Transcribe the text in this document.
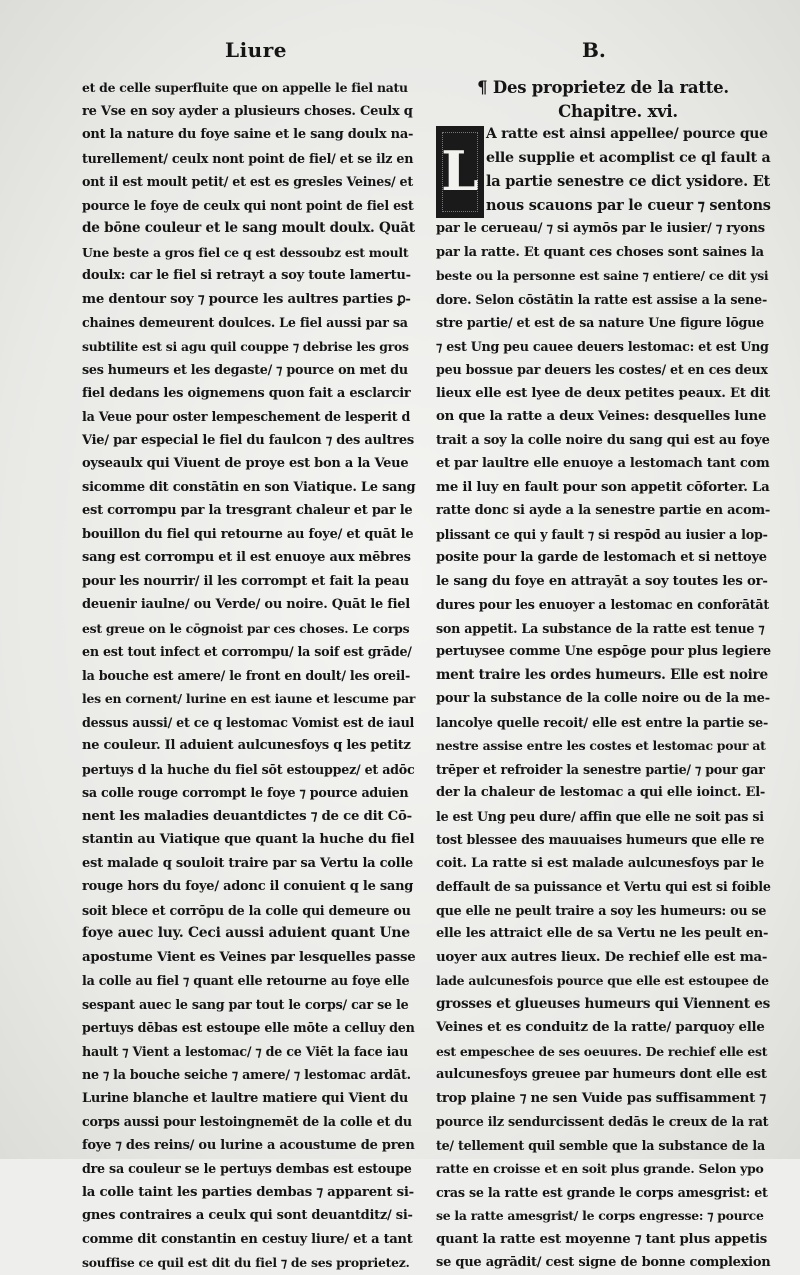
Liure	B.
et de celle superfluite que on appelle le fiel natu
re Vse en soy ayder a plusieurs choses. Ceulx q
ont la nature du foye saine et le sang doulx na-
turellement/ ceulx nont point de fiel/ et se ilz en
ont il est moult petit/ et est es gresles Veines/ et
pource le foye de ceulx qui nont point de fiel est
de bōne couleur et le sang moult doulx. Quāt
Une beste a gros fiel ce q est dessoubz est moult
doulx: car le fiel si retrayt a soy toute lamertu-
me dentour soy ⁊ pource les aultres parties ꝑ-
chaines demeurent doulces. Le fiel aussi par sa
subtilite est si agu quil couppe ⁊ debrise les gros
ses humeurs et les degaste/ ⁊ pource on met du
fiel dedans les oignemens quon fait a esclarcir
la Veue pour oster lempeschement de lesperit d
Vie/ par especial le fiel du faulcon ⁊ des aultres
oyseaulx qui Viuent de proye est bon a la Veue
sicomme dit constātin en son Viatique. Le sang
est corrompu par la tresgrant chaleur et par le
bouillon du fiel qui retourne au foye/ et quāt le
sang est corrompu et il est enuoye aux mēbres
pour les nourrir/ il les corrompt et fait la peau
deuenir iaulne/ ou Verde/ ou noire. Quāt le fiel
est greue on le cōgnoist par ces choses. Le corps
en est tout infect et corrompu/ la soif est grāde/
la bouche est amere/ le front en doult/ les oreil-
les en cornent/ lurine en est iaune et lescume par
dessus aussi/ et ce q lestomac Vomist est de iaul
ne couleur. Il aduient aulcunesfoys q les petitz
pertuys d la huche du fiel sōt estouppez/ et adōc
sa colle rouge corrompt le foye ⁊ pource aduien
nent les maladies deuantdictes ⁊ de ce dit Cō-
stantin au Viatique que quant la huche du fiel
est malade q souloit traire par sa Vertu la colle
rouge hors du foye/ adonc il conuient q le sang
soit blece et corrōpu de la colle qui demeure ou
foye auec luy. Ceci aussi aduient quant Une
apostume Vient es Veines par lesquelles passe
la colle au fiel ⁊ quant elle retourne au foye elle
sespant auec le sang par tout le corps/ car se le
pertuys dēbas est estoupe elle mōte a celluy den
hault ⁊ Vient a lestomac/ ⁊ de ce Viēt la face iau
ne ⁊ la bouche seiche ⁊ amere/ ⁊ lestomac ardāt.
Lurine blanche et laultre matiere qui Vient du
corps aussi pour lestoingnemēt de la colle et du
foye ⁊ des reins/ ou lurine a acoustume de pren
dre sa couleur se le pertuys dembas est estoupe
la colle taint les parties dembas ⁊ apparent si-
gnes contraires a ceulx qui sont deuantditz/ si-
comme dit constantin en cestuy liure/ et a tant
souffise ce quil est dit du fiel ⁊ de ses proprietez.
¶ Des proprietez de la ratte.
Chapitre. xvi.
L
A ratte est ainsi appellee/ pource que
elle supplie et acomplist ce ql fault a
la partie senestre ce dict ysidore. Et
nous scauons par le cueur ⁊ sentons
par le cerueau/ ⁊ si aymōs par le iusier/ ⁊ ryons
par la ratte. Et quant ces choses sont saines la
beste ou la personne est saine ⁊ entiere/ ce dit ysi
dore. Selon cōstātin la ratte est assise a la sene-
stre partie/ et est de sa nature Une figure lōgue
⁊ est Ung peu cauee deuers lestomac: et est Ung
peu bossue par deuers les costes/ et en ces deux
lieux elle est lyee de deux petites peaux. Et dit
on que la ratte a deux Veines: desquelles lune
trait a soy la colle noire du sang qui est au foye
et par laultre elle enuoye a lestomach tant com
me il luy en fault pour son appetit cōforter. La
ratte donc si ayde a la senestre partie en acom-
plissant ce qui y fault ⁊ si respōd au iusier a lop-
posite pour la garde de lestomach et si nettoye
le sang du foye en attrayāt a soy toutes les or-
dures pour les enuoyer a lestomac en conforātāt
son appetit. La substance de la ratte est tenue ⁊
pertuysee comme Une espōge pour plus legiere
ment traire les ordes humeurs. Elle est noire
pour la substance de la colle noire ou de la me-
lancolye quelle recoit/ elle est entre la partie se-
nestre assise entre les costes et lestomac pour at
trēper et refroider la senestre partie/ ⁊ pour gar
der la chaleur de lestomac a qui elle ioinct. El-
le est Ung peu dure/ affin que elle ne soit pas si
tost blessee des mauuaises humeurs que elle re
coit. La ratte si est malade aulcunesfoys par le
deffault de sa puissance et Vertu qui est si foible
que elle ne peult traire a soy les humeurs: ou se
elle les attraict elle de sa Vertu ne les peult en-
uoyer aux autres lieux. De rechief elle est ma-
lade aulcunesfois pource que elle est estoupee de
grosses et glueuses humeurs qui Viennent es
Veines et es conduitz de la ratte/ parquoy elle
est empeschee de ses oeuures. De rechief elle est
aulcunesfoys greuee par humeurs dont elle est
trop plaine ⁊ ne sen Vuide pas suffisamment ⁊
pource ilz sendurcissent dedās le creux de la rat
te/ tellement quil semble que la substance de la
ratte en croisse et en soit plus grande. Selon ypo
cras se la ratte est grande le corps amesgrist: et
se la ratte amesgrist/ le corps engresse: ⁊ pource
quant la ratte est moyenne ⁊ tant plus appetis
se que agrādit/ cest signe de bonne complexion
